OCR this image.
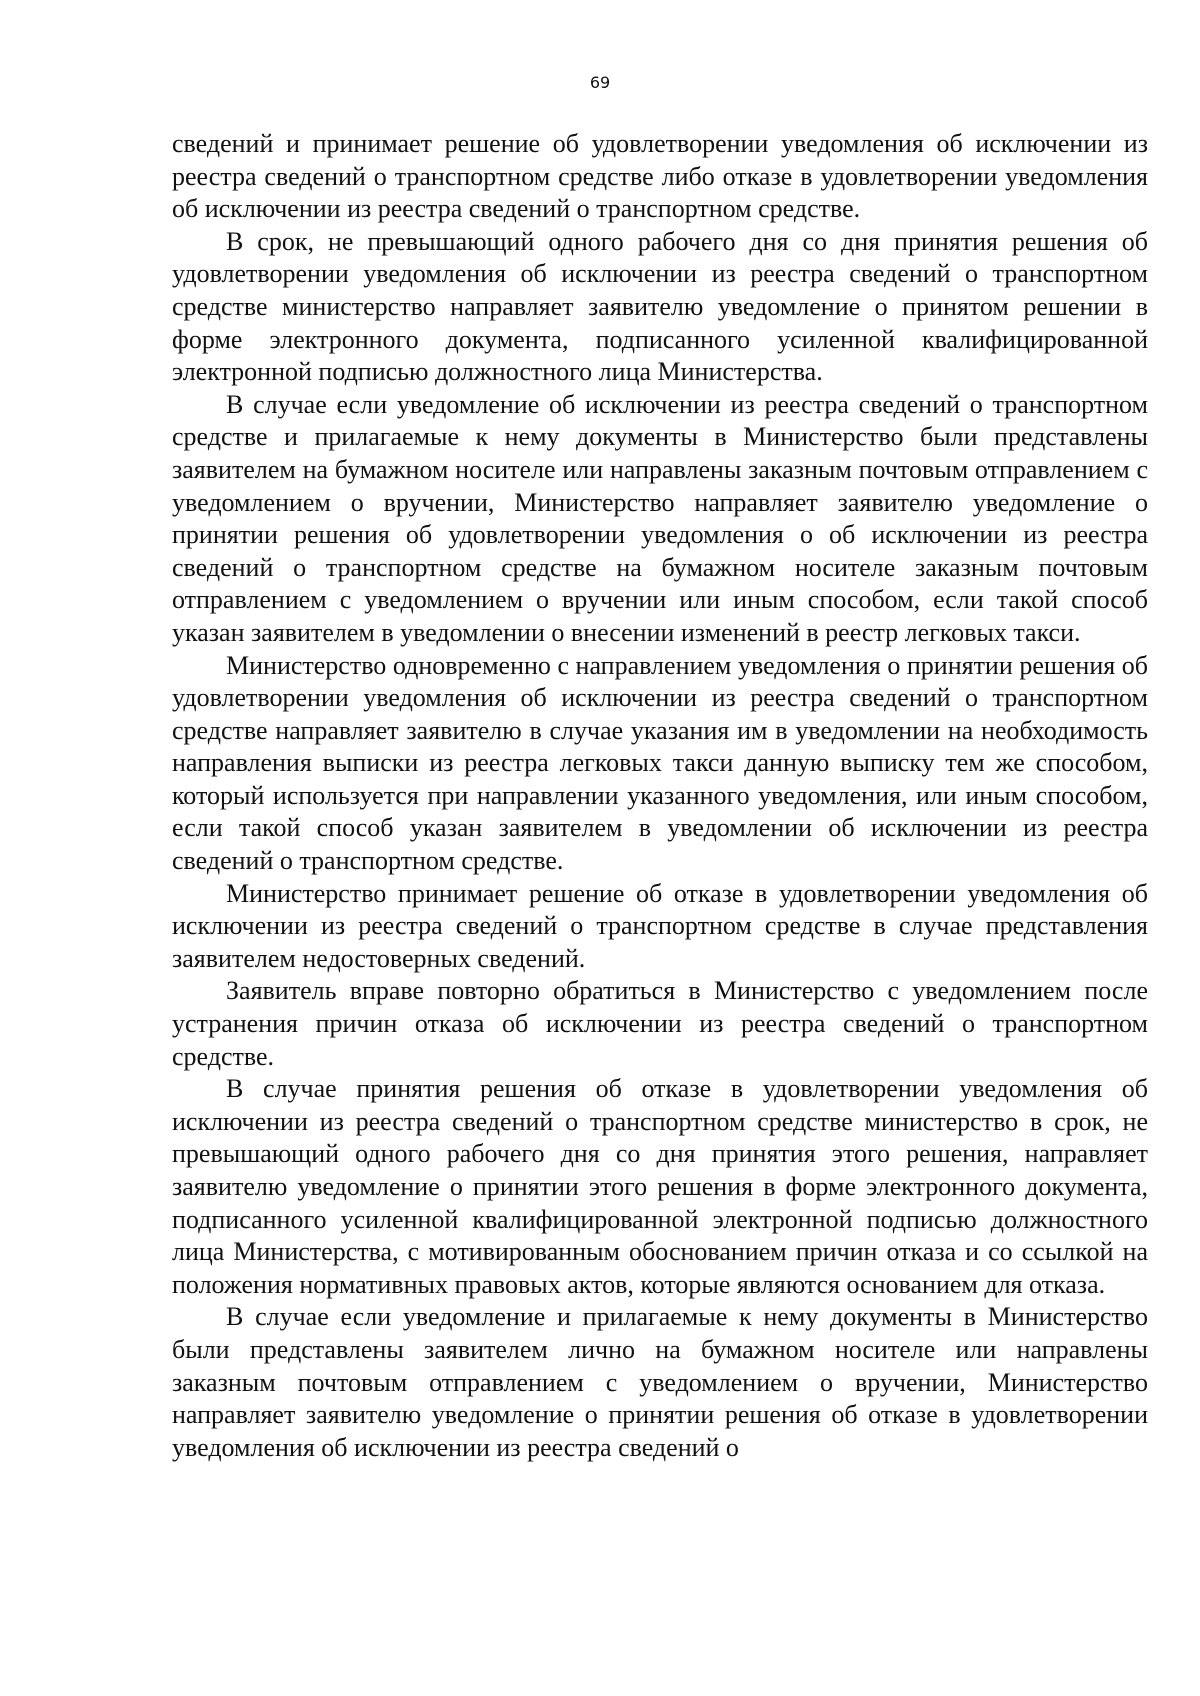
69

сведений и принимает решение об удовлетворении уведомления об исключении из реестра сведений о транспортном средстве либо отказе в удовлетворении уведомления об исключении из реестра сведений о транспортном средстве.

В срок, не превышающий одного рабочего дня со дня принятия решения об удовлетворении уведомления об исключении из реестра сведений о транспортном средстве министерство направляет заявителю уведомление о принятом решении в форме электронного документа, подписанного усиленной квалифицированной электронной подписью должностного лица Министерства.

В случае если уведомление об исключении из реестра сведений о транспортном средстве и прилагаемые к нему документы в Министерство были представлены заявителем на бумажном носителе или направлены заказным почтовым отправлением с уведомлением о вручении, Министерство направляет заявителю уведомление о принятии решения об удовлетворении уведомления о об исключении из реестра сведений о транспортном средстве на бумажном носителе заказным почтовым отправлением с уведомлением о вручении или иным способом, если такой способ указан заявителем в уведомлении о внесении изменений в реестр легковых такси.

Министерство одновременно с направлением уведомления о принятии решения об удовлетворении уведомления об исключении из реестра сведений о транспортном средстве направляет заявителю в случае указания им в уведомлении на необходимость направления выписки из реестра легковых такси данную выписку тем же способом, который используется при направлении указанного уведомления, или иным способом, если такой способ указан заявителем в уведомлении об исключении из реестра сведений о транспортном средстве.

Министерство принимает решение об отказе в удовлетворении уведомления об исключении из реестра сведений о транспортном средстве в случае представления заявителем недостоверных сведений.

Заявитель вправе повторно обратиться в Министерство с уведомлением после устранения причин отказа об исключении из реестра сведений о транспортном средстве.

В случае принятия решения об отказе в удовлетворении уведомления об исключении из реестра сведений о транспортном средстве министерство в срок, не превышающий одного рабочего дня со дня принятия этого решения, направляет заявителю уведомление о принятии этого решения в форме электронного документа, подписанного усиленной квалифицированной электронной подписью должностного лица Министерства, с мотивированным обоснованием причин отказа и со ссылкой на положения нормативных правовых актов, которые являются основанием для отказа.

В случае если уведомление и прилагаемые к нему документы в Министерство были представлены заявителем лично на бумажном носителе или направлены заказным почтовым отправлением с уведомлением о вручении, Министерство направляет заявителю уведомление о принятии решения об отказе в удовлетворении уведомления об исключении из реестра сведений о
